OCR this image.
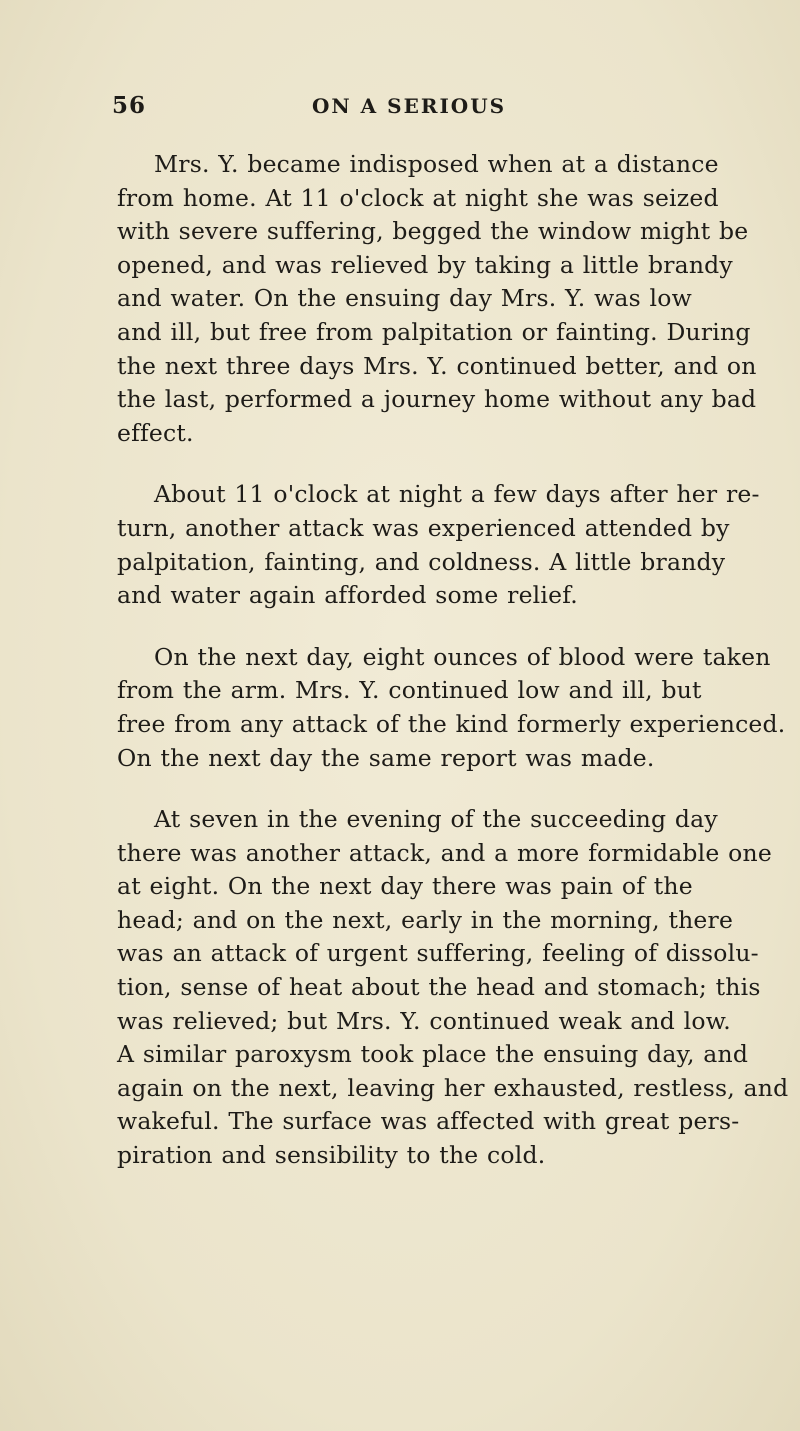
56	ON A SERIOUS

Mrs. Y. became indisposed when at a distance
from home. At 11 o'clock at night she was seized
with severe suffering, begged the window might be
opened, and was relieved by taking a little brandy
and water. On the ensuing day Mrs. Y. was low
and ill, but free from palpitation or fainting. During
the next three days Mrs. Y. continued better, and on
the last, performed a journey home without any bad
effect.

About 11 o'clock at night a few days after her re-
turn, another attack was experienced attended by
palpitation, fainting, and coldness. A little brandy
and water again afforded some relief.

On the next day, eight ounces of blood were taken
from the arm. Mrs. Y. continued low and ill, but
free from any attack of the kind formerly experienced.
On the next day the same report was made.

At seven in the evening of the succeeding day
there was another attack, and a more formidable one
at eight. On the next day there was pain of the
head; and on the next, early in the morning, there
was an attack of urgent suffering, feeling of dissolu-
tion, sense of heat about the head and stomach; this
was relieved; but Mrs. Y. continued weak and low.
A similar paroxysm took place the ensuing day, and
again on the next, leaving her exhausted, restless, and
wakeful. The surface was affected with great pers-
piration and sensibility to the cold.
